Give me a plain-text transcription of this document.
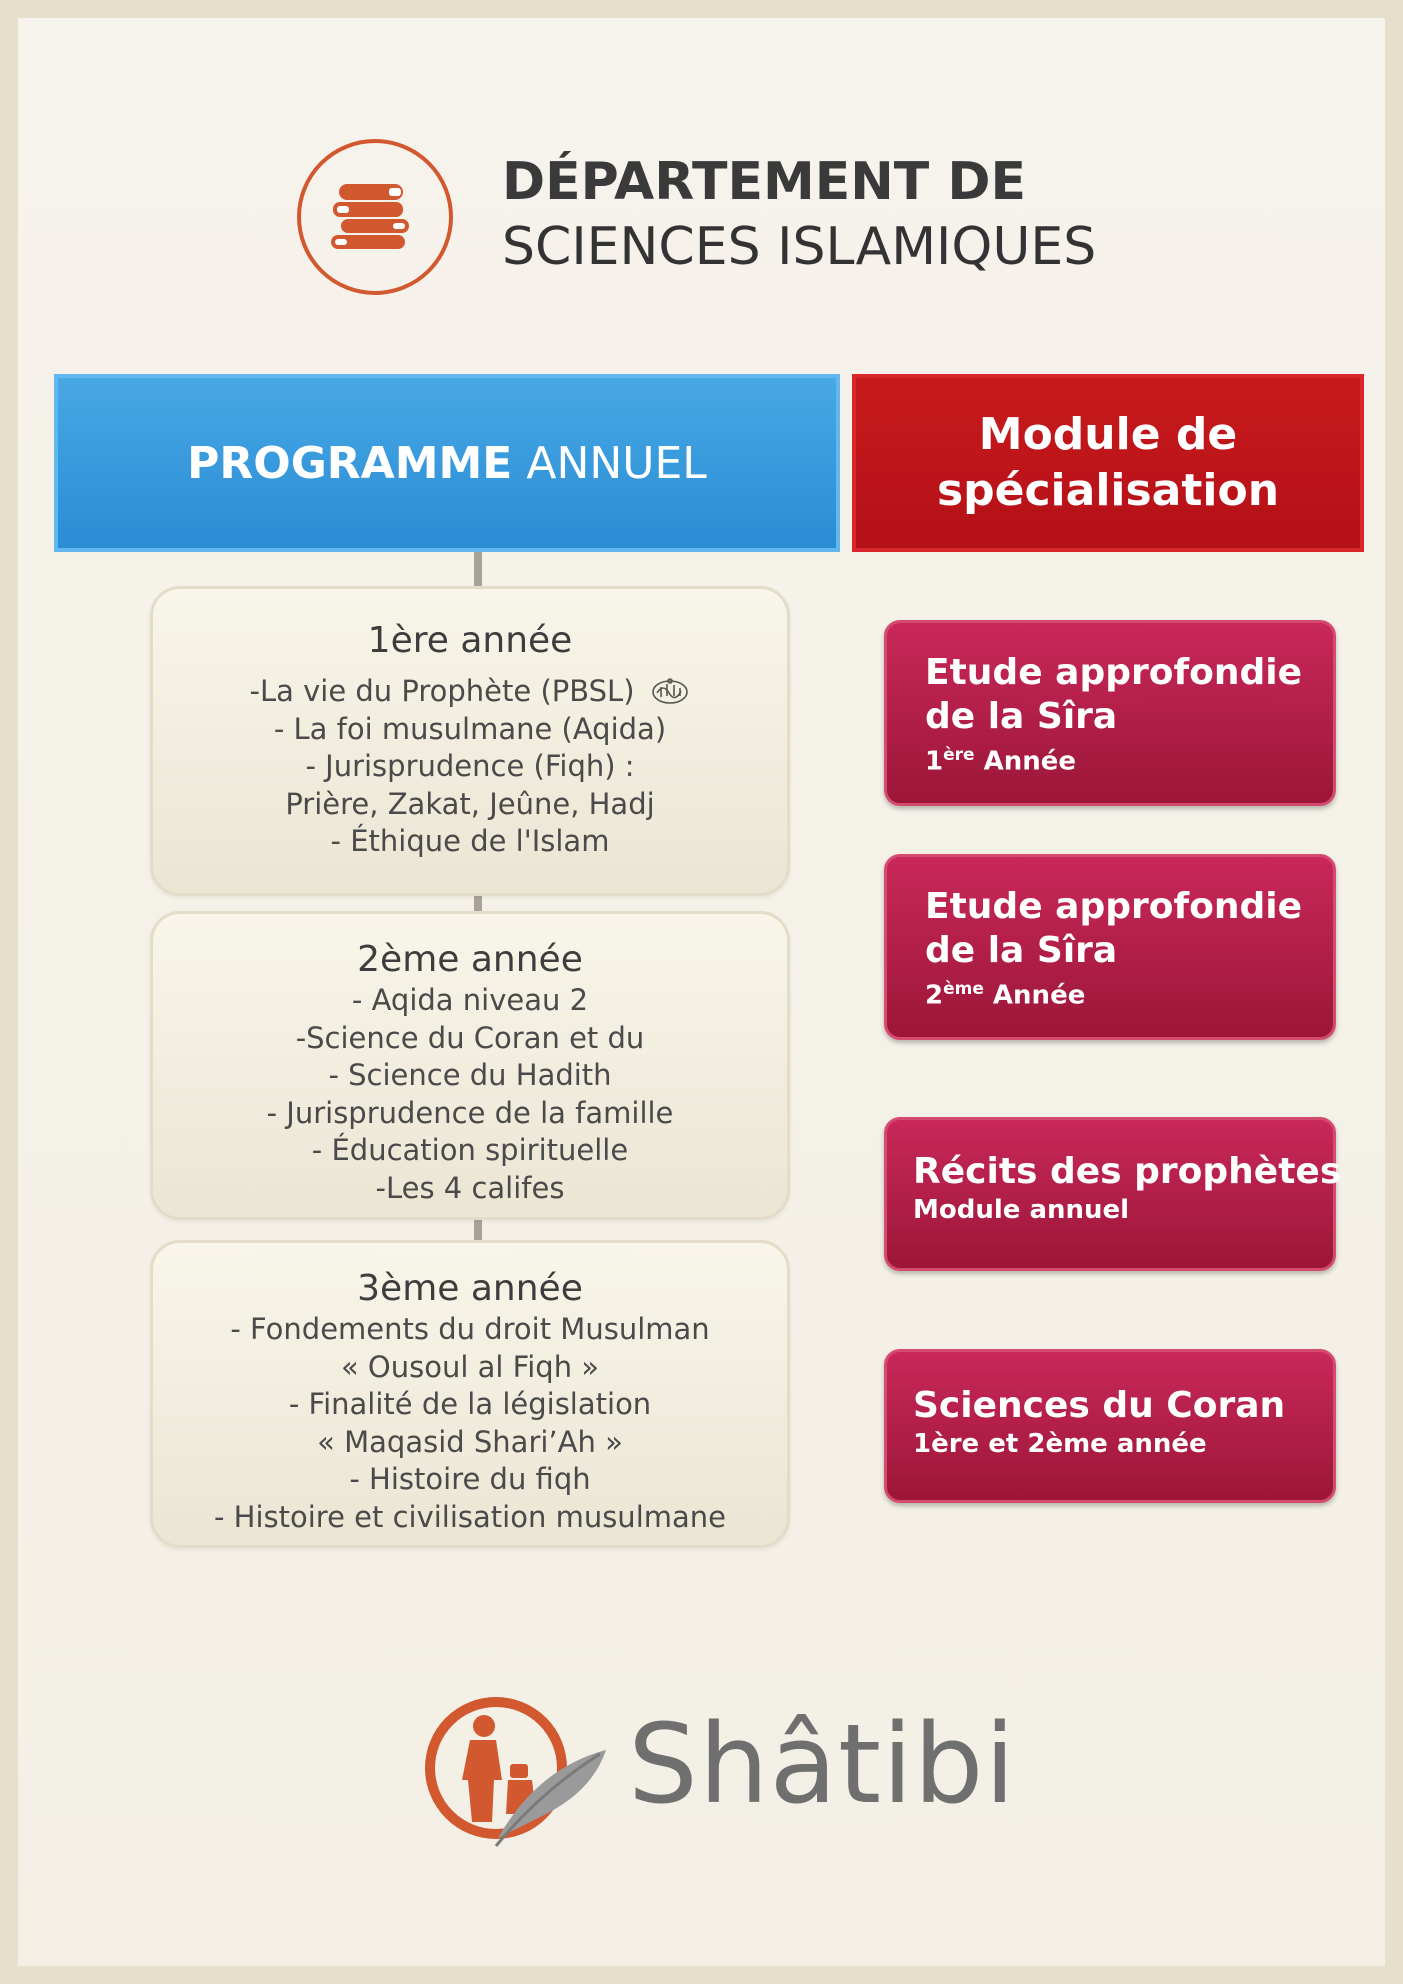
DÉPARTEMENT DE
SCIENCES ISLAMIQUES
PROGRAMME ANNUEL
Module de
spécialisation
1ère année
-La vie du Prophète (PBSL)
- La foi musulmane (Aqida)
- Jurisprudence (Fiqh) :
Prière, Zakat, Jeûne, Hadj
- Éthique de l'Islam
2ème année
- Aqida niveau 2
-Science du Coran et du
- Science du Hadith
- Jurisprudence de la famille
- Éducation spirituelle
-Les 4 califes
3ème année
- Fondements du droit Musulman
« Ousoul al Fiqh »
- Finalité de la législation
« Maqasid Shari’Ah »
- Histoire du fiqh
- Histoire et civilisation musulmane
Etude approfondie
de la Sîra
1ère Année
Etude approfondie
de la Sîra
2ème Année
Récits des prophètes
Module annuel
Sciences du Coran
1ère et 2ème année
Shâtibi
